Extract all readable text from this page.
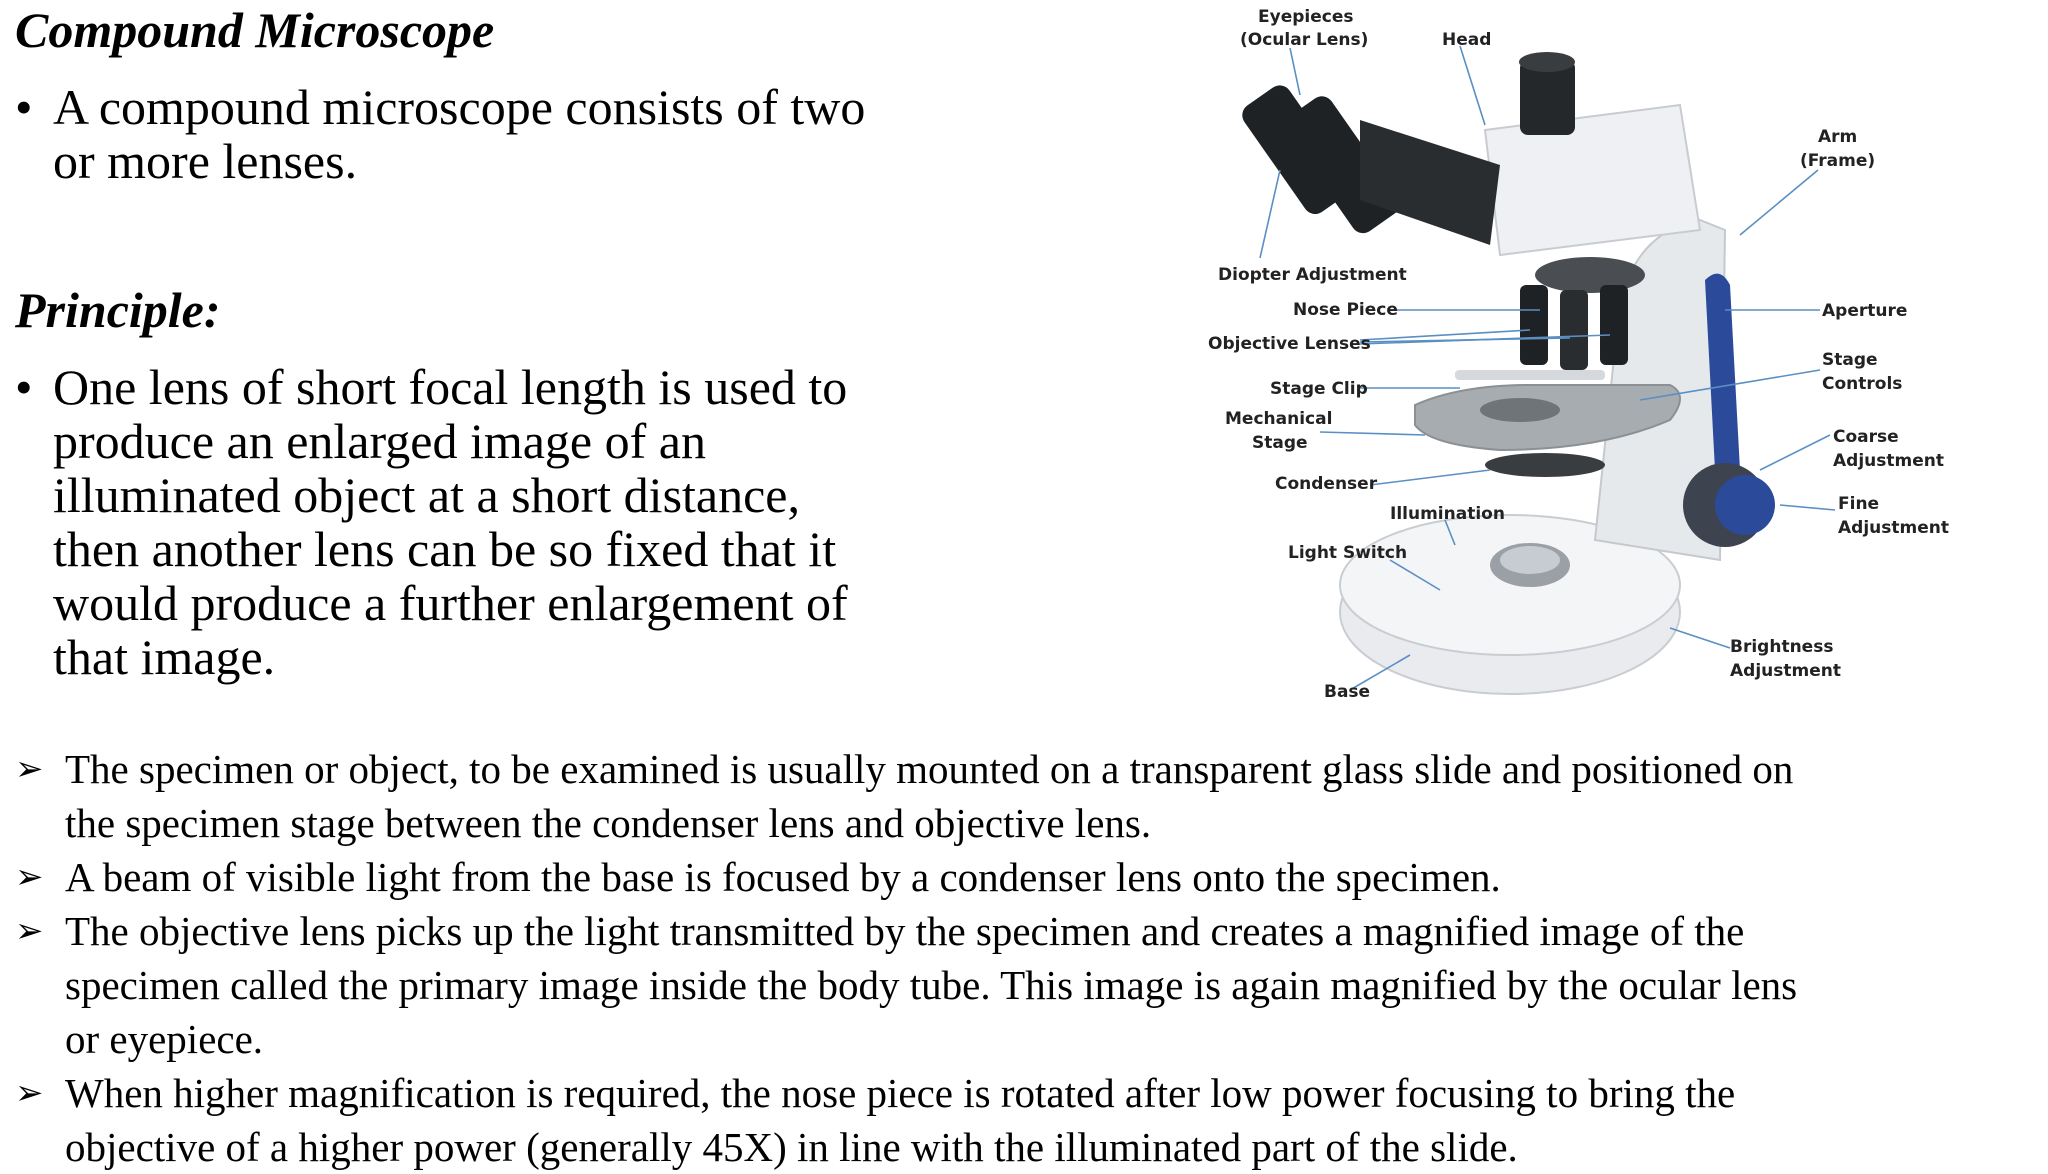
Compound Microscope
• A compound microscope consists of two
or more lenses.
Principle:
• One lens of short focal length is used to
produce an enlarged image of an
illuminated object at a short distance,
then another lens can be so fixed that it
would produce a further enlargement of
that image.
Eyepieces
(Ocular Lens)	Head
Arm
(Frame)
Diopter Adjustment
Nose Piece
Objective Lenses
Aperture
Stage
Controls
Stage Clip
Mechanical
Stage	Coarse
Adjustment
Condenser
Illumination	Fine
Adjustment
Light Switch
Brightness
Adjustment
Base
➢ The specimen or object, to be examined is usually mounted on a transparent glass slide and positioned on
the specimen stage between the condenser lens and objective lens.
➢ A beam of visible light from the base is focused by a condenser lens onto the specimen.
➢ The objective lens picks up the light transmitted by the specimen and creates a magnified image of the
specimen called the primary image inside the body tube. This image is again magnified by the ocular lens
or eyepiece.
➢ When higher magnification is required, the nose piece is rotated after low power focusing to bring the
objective of a higher power (generally 45X) in line with the illuminated part of the slide.
